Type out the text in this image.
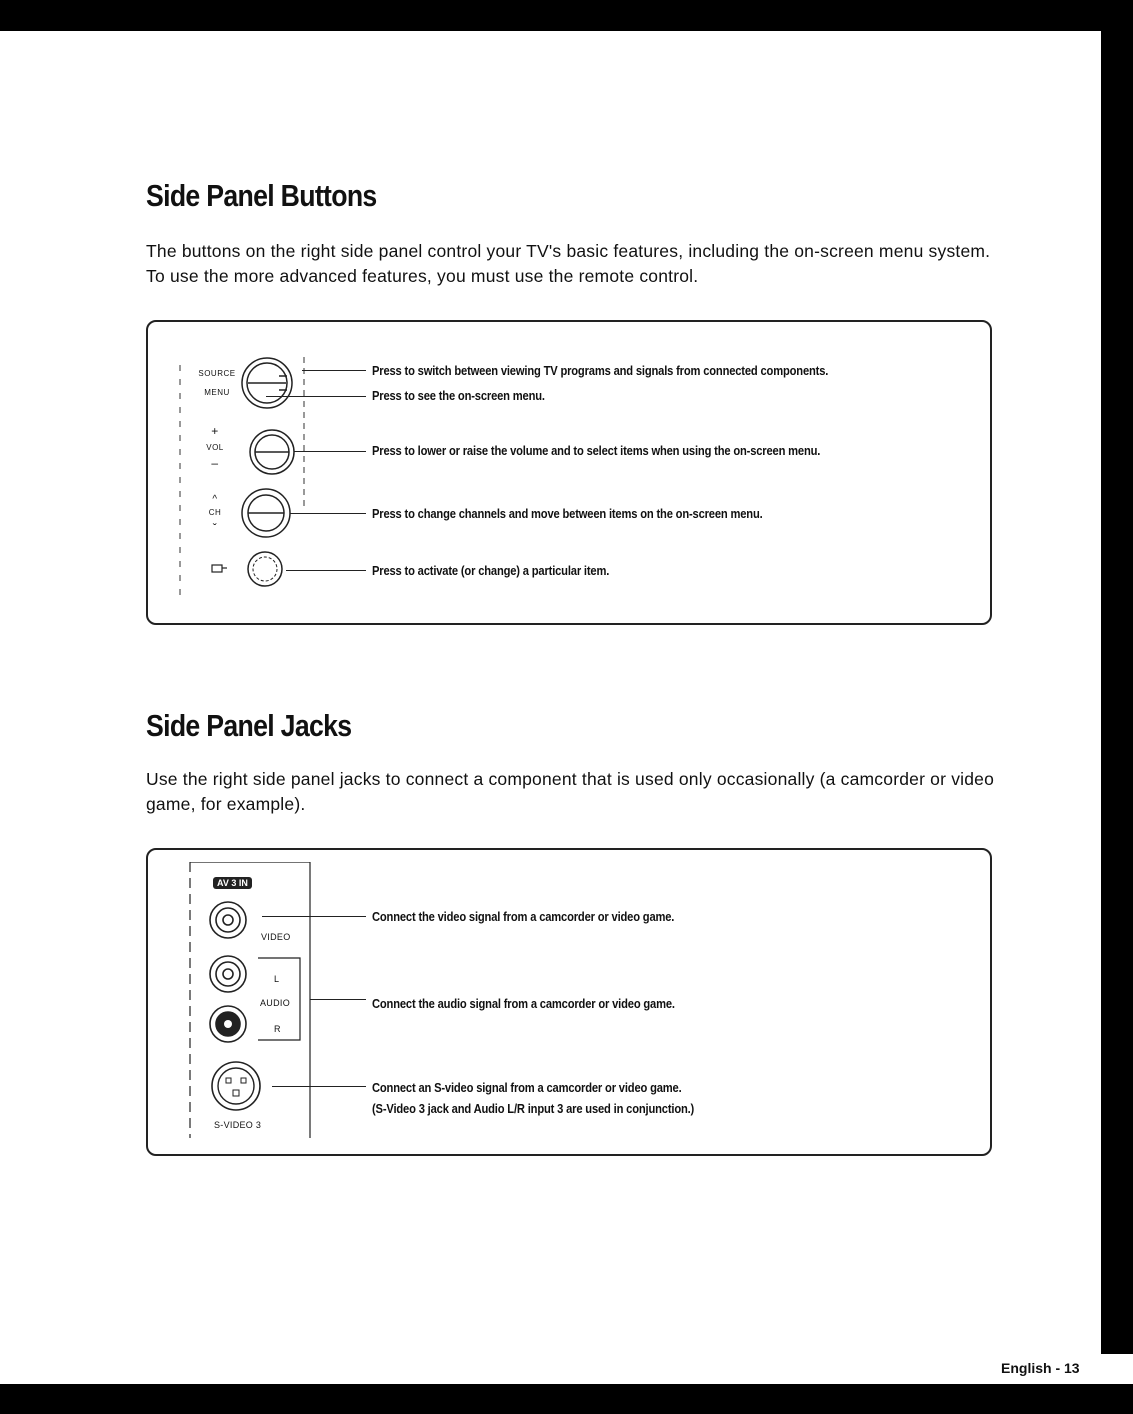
Side Panel Buttons

The buttons on the right side panel control your TV's basic features, including the on-screen menu system. To use the more advanced features, you must use the remote control.

SOURCE
MENU
+
VOL
–
^
CH
ˇ

Press to switch between viewing TV programs and signals from connected components.

Press to see the on-screen menu.

Press to lower or raise the volume and to select items when using the on-screen menu.

Press to change channels and move between items on the on-screen menu.

Press to activate (or change) a particular item.

Side Panel Jacks

Use the right side panel jacks to connect a component that is used only occasionally (a camcorder or video game, for example).

AV 3 IN
VIDEO
L
AUDIO
R
S-VIDEO 3

Connect the video signal from a camcorder or video game.

Connect the audio signal from a camcorder or video game.

Connect an S-video signal from a camcorder or video game.

(S-Video 3 jack and Audio L/R input 3 are used in conjunction.)

English - 13
